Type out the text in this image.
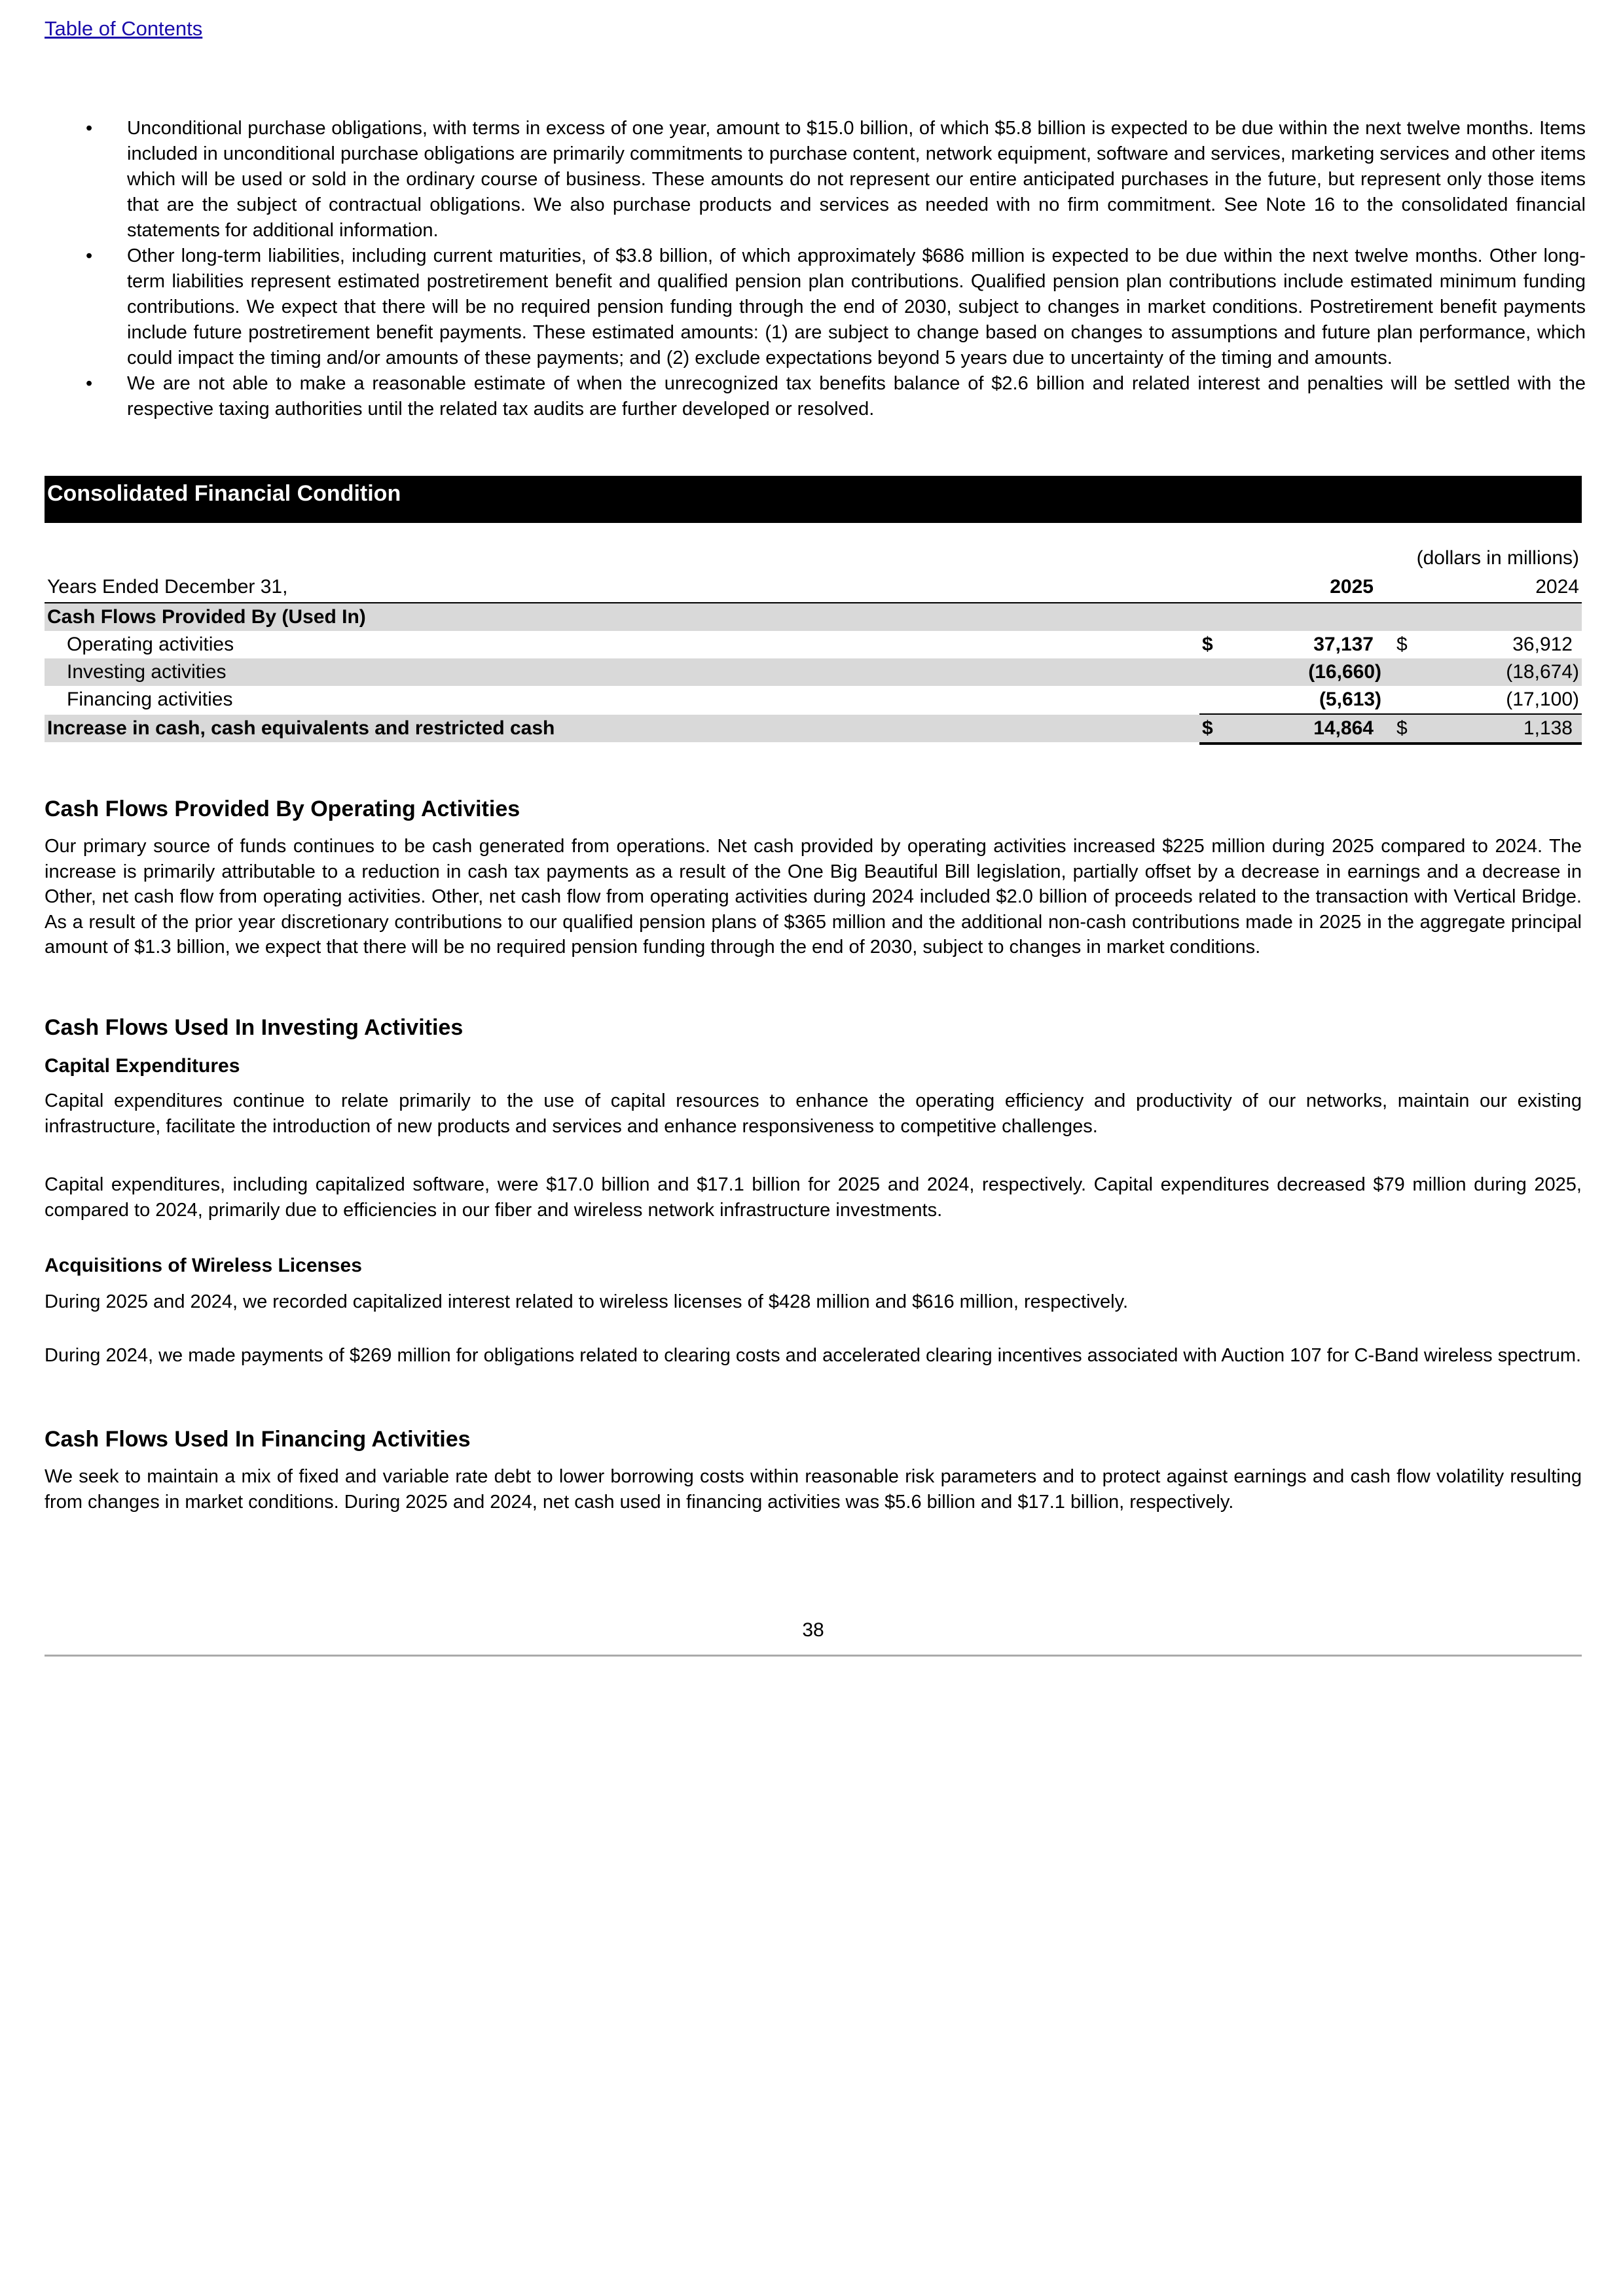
Table of Contents
• Unconditional purchase obligations, with terms in excess of one year, amount to $15.0 billion, of which $5.8 billion is expected to be due within the next twelve months. Items included in unconditional purchase obligations are primarily commitments to purchase content, network equipment, software and services, marketing services and other items which will be used or sold in the ordinary course of business. These amounts do not represent our entire anticipated purchases in the future, but represent only those items that are the subject of contractual obligations. We also purchase products and services as needed with no firm commitment. See Note 16 to the consolidated financial statements for additional information.
• Other long-term liabilities, including current maturities, of $3.8 billion, of which approximately $686 million is expected to be due within the next twelve months. Other long-term liabilities represent estimated postretirement benefit and qualified pension plan contributions. Qualified pension plan contributions include estimated minimum funding contributions. We expect that there will be no required pension funding through the end of 2030, subject to changes in market conditions. Postretirement benefit payments include future postretirement benefit payments. These estimated amounts: (1) are subject to change based on changes to assumptions and future plan performance, which could impact the timing and/or amounts of these payments; and (2) exclude expectations beyond 5 years due to uncertainty of the timing and amounts.
• We are not able to make a reasonable estimate of when the unrecognized tax benefits balance of $2.6 billion and related interest and penalties will be settled with the respective taxing authorities until the related tax audits are further developed or resolved.
Consolidated Financial Condition
(dollars in millions)
Years Ended December 31,	2025	2024
Cash Flows Provided By (Used In)
Operating activities	$	37,137 $	36,912
Investing activities	(16,660)	(18,674)
Financing activities	(5,613)	(17,100)
Increase in cash, cash equivalents and restricted cash	$	14,864 $	1,138
Cash Flows Provided By Operating Activities

Our primary source of funds continues to be cash generated from operations. Net cash provided by operating activities increased $225 million during 2025 compared to 2024. The increase is primarily attributable to a reduction in cash tax payments as a result of the One Big Beautiful Bill legislation, partially offset by a decrease in earnings and a decrease in Other, net cash flow from operating activities. Other, net cash flow from operating activities during 2024 included $2.0 billion of proceeds related to the transaction with Vertical Bridge. As a result of the prior year discretionary contributions to our qualified pension plans of $365 million and the additional non-cash contributions made in 2025 in the aggregate principal amount of $1.3 billion, we expect that there will be no required pension funding through the end of 2030, subject to changes in market conditions.

Cash Flows Used In Investing Activities
Capital Expenditures

Capital expenditures continue to relate primarily to the use of capital resources to enhance the operating efficiency and productivity of our networks, maintain our existing infrastructure, facilitate the introduction of new products and services and enhance responsiveness to competitive challenges.

Capital expenditures, including capitalized software, were $17.0 billion and $17.1 billion for 2025 and 2024, respectively. Capital expenditures decreased $79 million during 2025, compared to 2024, primarily due to efficiencies in our fiber and wireless network infrastructure investments.

Acquisitions of Wireless Licenses

During 2025 and 2024, we recorded capitalized interest related to wireless licenses of $428 million and $616 million, respectively.

During 2024, we made payments of $269 million for obligations related to clearing costs and accelerated clearing incentives associated with Auction 107 for C-Band wireless spectrum.

Cash Flows Used In Financing Activities

We seek to maintain a mix of fixed and variable rate debt to lower borrowing costs within reasonable risk parameters and to protect against earnings and cash flow volatility resulting from changes in market conditions. During 2025 and 2024, net cash used in financing activities was $5.6 billion and $17.1 billion, respectively.

38
